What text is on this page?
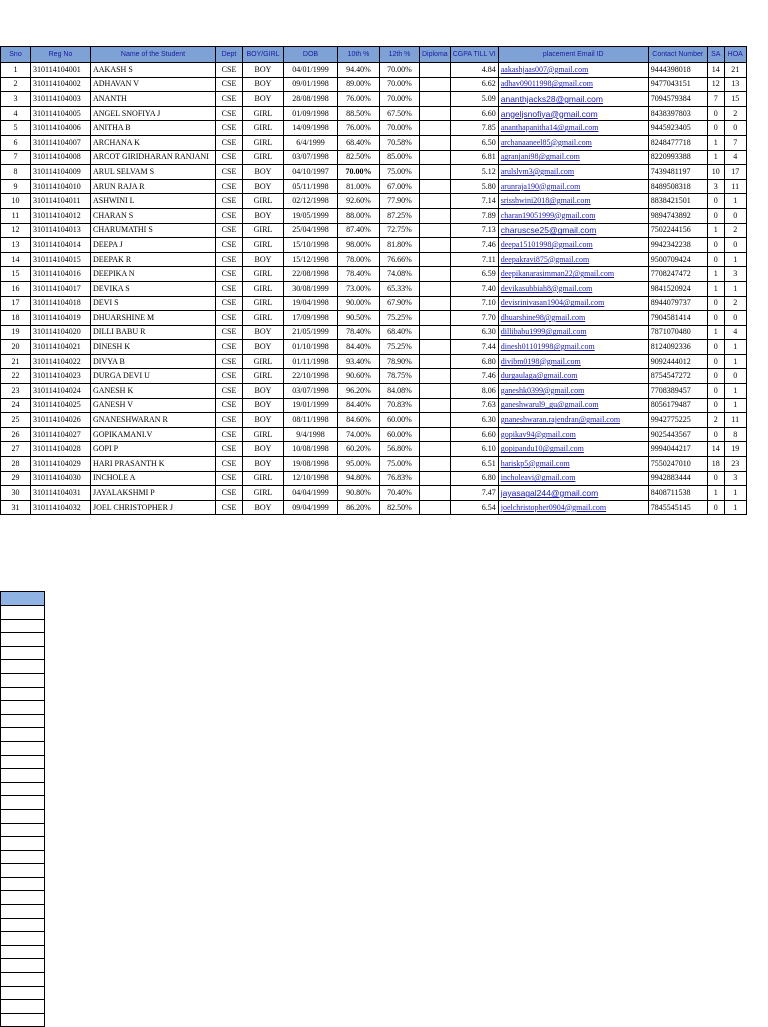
Sno	Reg No	Name of the Student	Dept	BOY/GIRL	DOB	10th %	12th %	Diploma	CGPA TILL VI	placement Email ID	Contact Number	SA	HOA
1	310114104001	AAKASH S	CSE	BOY	04/01/1999	94.40%	70.00%		4.84	aakashjaas007@gmail.com	9444398018	14	21
2	310114104002	ADHAVAN V	CSE	BOY	09/01/1998	89.00%	70.00%		6.62	adhav09011998@gmail.com	9477043151	12	13
3	310114104003	ANANTH	CSE	BOY	28/08/1998	76.00%	70.00%		5.09	ananthjacks28@gmail.com	7094579384	7	15
4	310114104005	ANGEL SNOFIYA J	CSE	GIRL	01/09/1998	88.50%	67.50%		6.60	angeljsnofiya@gmail.com	8438397803	0	2
5	310114104006	ANITHA B	CSE	GIRL	14/09/1998	76.00%	70.00%		7.85	ananthapanitha14@gmail.com	9445923405	0	0
6	310114104007	ARCHANA K	CSE	GIRL	6/4/1999	68.40%	70.58%		6.50	archanaaneel85@gmail.com	8248477718	1	7
7	310114104008	ARCOT GIRIDHARAN RANJANI	CSE	GIRL	03/07/1998	82.50%	85.00%		6.81	agranjani98@gmail.com	8220993388	1	4
8	310114104009	ARUL SELVAM S	CSE	BOY	04/10/1997	70.00%	75.00%		5.12	arulslvm3@gmail.com	7439481197	10	17
9	310114104010	ARUN RAJA R	CSE	BOY	05/11/1998	81.00%	67.00%		5.80	arunraja190@gmail.com	8489508318	3	11
10	310114104011	ASHWINI L	CSE	GIRL	02/12/1998	92.60%	77.90%		7.14	srisshwini2018@gmail.com	8838421501	0	1
11	310114104012	CHARAN S	CSE	BOY	19/05/1999	88.00%	87.25%		7.89	charan19051999@gmail.com	9894743892	0	0
12	310114104013	CHARUMATHI S	CSE	GIRL	25/04/1998	87.40%	72.75%		7.13	charuscse25@gmail.com	7502244156	1	2
13	310114104014	DEEPA J	CSE	GIRL	15/10/1998	98.00%	81.80%		7.46	deepa15101998@gmail.com	9942342238	0	0
14	310114104015	DEEPAK R	CSE	BOY	15/12/1998	78.00%	76.66%		7.11	deepakravi875@gmail.com	9500709424	0	1
15	310114104016	DEEPIKA N	CSE	GIRL	22/08/1998	78.40%	74.08%		6.59	deepikanarasimman22@gmail.com	7708247472	1	3
16	310114104017	DEVIKA S	CSE	GIRL	30/08/1999	73.00%	65.33%		7.40	devikasubbiah8@gmail.com	9841520924	1	1
17	310114104018	DEVI S	CSE	GIRL	19/04/1998	90.00%	67.90%		7.10	devisrinivasan1904@gmail.com	8944079737	0	2
18	310114104019	DHUARSHINE M	CSE	GIRL	17/09/1998	90.50%	75.25%		7.70	dhuarshine98@gmail.com	7904581414	0	0
19	310114104020	DILLI BABU R	CSE	BOY	21/05/1999	78.40%	68.40%		6.30	dillibabu1999@gmail.com	7871070480	1	4
20	310114104021	DINESH K	CSE	BOY	01/10/1998	84.40%	75.25%		7.44	dinesh01101998@gmail.com	8124092336	0	1
21	310114104022	DIVYA B	CSE	GIRL	01/11/1998	93.40%	78.90%		6.80	divibm0198@gmail.com	9092444012	0	1
22	310114104023	DURGA DEVI U	CSE	GIRL	22/10/1998	90.60%	78.75%		7.46	durgaulaga@gmail.com	8754547272	0	0
23	310114104024	GANESH K	CSE	BOY	03/07/1998	96.20%	84.08%		8.06	ganeshk0399@gmail.com	7708389457	0	1
24	310114104025	GANESH V	CSE	BOY	19/01/1999	84.40%	70.83%		7.63	ganeshwarul9_gu@gmail.com	8056179487	0	1
25	310114104026	GNANESHWARAN R	CSE	BOY	08/11/1998	84.60%	60.00%		6.30	gnaneshwaran.rajendran@gmail.com	9942775225	2	11
26	310114104027	GOPIKAMANI.V	CSE	GIRL	9/4/1998	74.00%	60.00%		6.60	gopikav94@gmail.com	9025443567	0	8
27	310114104028	GOPI P	CSE	BOY	10/08/1998	60.20%	56.80%		6.10	gopipandu10@gmail.com	9994044217	14	19
28	310114104029	HARI PRASANTH K	CSE	BOY	19/08/1998	95.00%	75.00%		6.51	hariskp5@gmail.com	7550247010	18	23
29	310114104030	INCHOLE A	CSE	GIRL	12/10/1998	94.80%	76.83%		6.80	incholeavi@gmail.com	9942883444	0	3
30	310114104031	JAYALAKSHMI P	CSE	GIRL	04/04/1999	90.80%	70.40%		7.47	jayasagal244@gmail.com	8408711538	1	1
31	310114104032	JOEL CHRISTOPHER J	CSE	BOY	09/04/1999	86.20%	82.50%		6.54	joelchristopher0904@gmail.com	7845545145	0	1
